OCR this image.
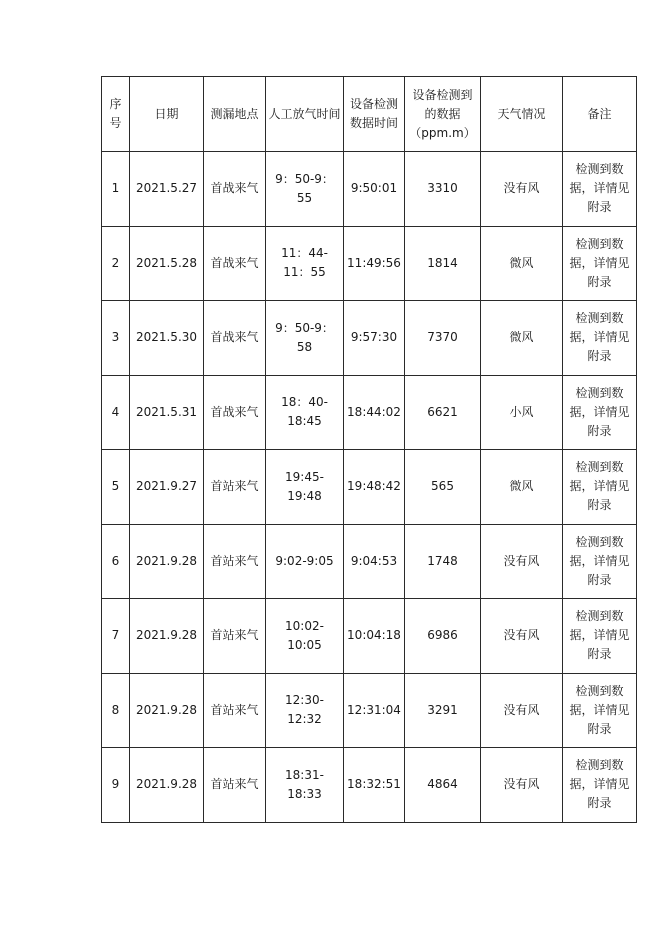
序号	日期	测漏地点	人工放气时间	设备检测数据时间	设备检测到的数据（ppm.m）	天气情况	备注
1	2021.5.27	首战来气	9：50-9：55	9:50:01	3310	没有风	检测到数据，详情见附录
2	2021.5.28	首战来气	11：44-11：55	11:49:56	1814	微风	检测到数据，详情见附录
3	2021.5.30	首战来气	9：50-9：58	9:57:30	7370	微风	检测到数据，详情见附录
4	2021.5.31	首战来气	18：40-18:45	18:44:02	6621	小风	检测到数据，详情见附录
5	2021.9.27	首站来气	19:45-19:48	19:48:42	565	微风	检测到数据，详情见附录
6	2021.9.28	首站来气	9:02-9:05	9:04:53	1748	没有风	检测到数据，详情见附录
7	2021.9.28	首站来气	10:02-10:05	10:04:18	6986	没有风	检测到数据，详情见附录
8	2021.9.28	首站来气	12:30-12:32	12:31:04	3291	没有风	检测到数据，详情见附录
9	2021.9.28	首站来气	18:31-18:33	18:32:51	4864	没有风	检测到数据，详情见附录
